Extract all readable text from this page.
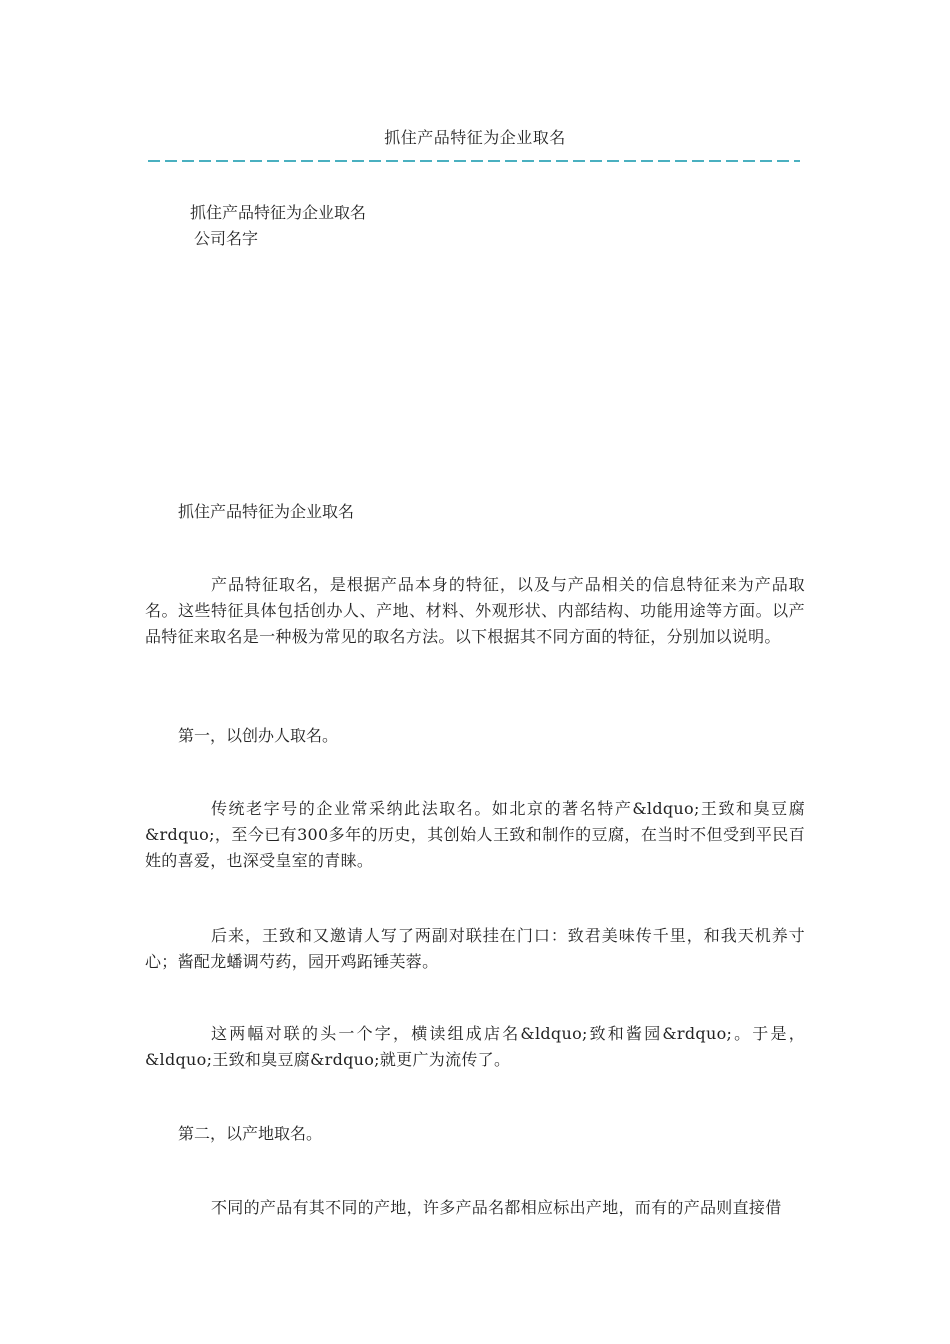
抓住产品特征为企业取名
抓住产品特征为企业取名
公司名字
抓住产品特征为企业取名
产品特征取名，是根据产品本身的特征，以及与产品相关的信息特征来为产品取名。这些特征具体包括创办人、产地、材料、外观形状、内部结构、功能用途等方面。以产品特征来取名是一种极为常见的取名方法。以下根据其不同方面的特征，分别加以说明。
第一，以创办人取名。
传统老字号的企业常采纳此法取名。如北京的著名特产&ldquo;王致和臭豆腐&rdquo;，至今已有300多年的历史，其创始人王致和制作的豆腐，在当时不但受到平民百姓的喜爱，也深受皇室的青睐。
后来，王致和又邀请人写了两副对联挂在门口：致君美味传千里，和我天机养寸心；酱配龙蟠调芍药，园开鸡跖锤芙蓉。
这两幅对联的头一个字，横读组成店名&ldquo;致和酱园&rdquo;。于是，&ldquo;王致和臭豆腐&rdquo;就更广为流传了。
第二，以产地取名。
不同的产品有其不同的产地，许多产品名都相应标出产地，而有的产品则直接借
